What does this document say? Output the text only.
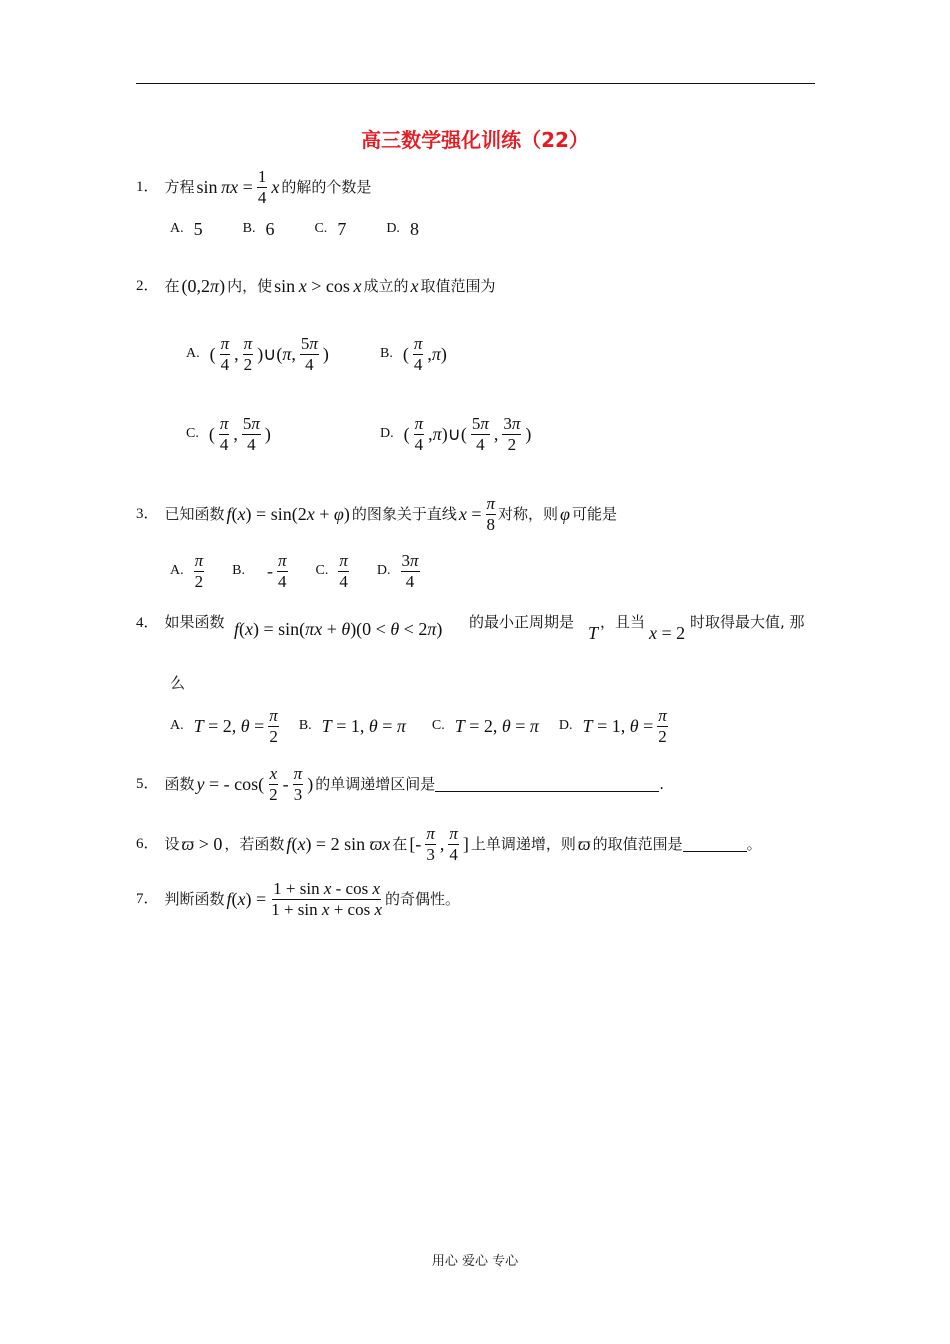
高三数学强化训练（22）
1． 方程 $\sin \pi x = \frac{1}{4}$ x 的解的个数是
A. 5	B. 6	C. 7	D. 8
2． 在 (0,2π) 内，使 sin x > cos x 成立的 x 取值范围为
A. ( $\frac{\pi}{4}$ , $\frac{\pi}{2}$ )∪(π, $\frac{5\pi}{4}$ )	B. ( $\frac{\pi}{4} ,\pi$)
C. ( $\frac{\pi}{4}$ , $\frac{5\pi}{4}$ )	D. ( $\frac{\pi}{4}$ ,π)∪( $\frac{5\pi}{4}$ , $\frac{3\pi}{2}$ )
3． 已知函数 f(x) = sin(2x + φ) 的图象关于直线 $x = \frac{\pi}{8}$ 对称，则 φ 可能是
A. $\frac{\pi}{2} B$. - $\frac{\pi}{4} C$. $\frac{\pi}{4} D$. $\frac{3\pi}{4}$
4． 如果函数 f(x) = sin(πx + θ)(0 < θ < 2π) 的最小正周期是
T
，且当
x = 2
时取得最大值, 那
么
A. T = 2, $\theta = \frac{\pi}{2} B$. T = 1, θ = π C. T = 2, θ = π D. T = 1, $\theta = \frac{\pi}{2}$
5． 函数 y = - $\cos( \frac{x}{2} - \frac{\pi}{3}$ ) 的单调递增区间是	.
6． 设 ϖ > 0 ，若函数 f(x) = 2 sin ϖx 在 [- $\frac{\pi}{3}$ , $\frac{\pi}{4}$ ] 上单调递增，则 ϖ 的取值范围是	。
7． 判断函数 $f(x) = \frac{\text{1 + sin x - cos x}}{\text{1 + sin x + cos x}}$ 的奇偶性。
用心 爱心 专心
